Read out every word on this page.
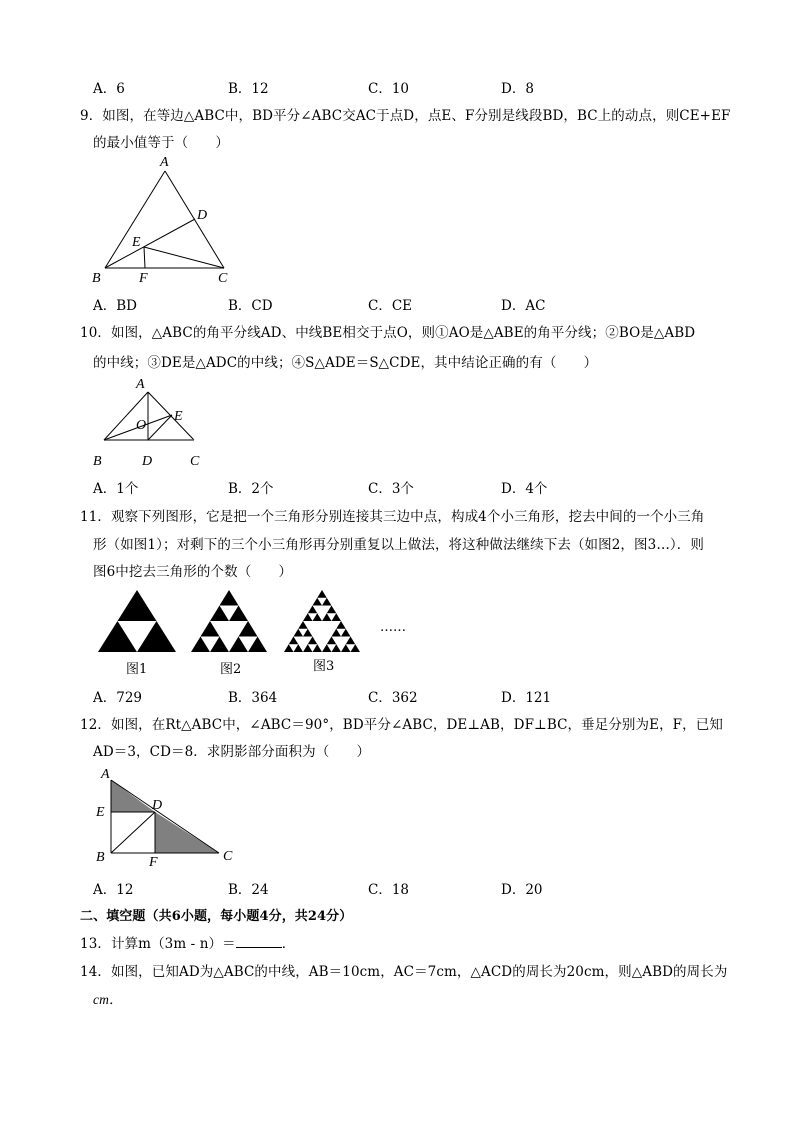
A．6	B．12	C．10	D．8
9．如图，在等边△ABC中，BD平分∠ABC交AC于点D，点E、F分别是线段BD，BC上的动点，则CE+EF
的最小值等于（　　）
A
D
E
B	F	C
A．BD	B．CD	C．CE	D．AC
10．如图，△ABC的角平分线AD、中线BE相交于点O，则①AO是△ABE的角平分线；②BO是△ABD
的中线；③DE是△ADC的中线；④S△ADE＝S△CDE，其中结论正确的有（　　）
A
O
E
B	D	C
A．1个	B．2个	C．3个	D．4个
11．观察下列图形，它是把一个三角形分别连接其三边中点，构成4个小三角形，挖去中间的一个小三角
形（如图1）；对剩下的三个小三角形再分别重复以上做法，将这种做法继续下去（如图2，图3…）．则
图6中挖去三角形的个数（　　）
图1	图2	图3
……
A．729	B．364	C．362	D．121
12．如图，在Rt△ABC中，∠ABC＝90°，BD平分∠ABC，DE⊥AB，DF⊥BC，垂足分别为E，F，已知
AD＝3，CD＝8．求阴影部分面积为（　　）
A
D
E
B	F	C
A．12	B．24	C．18	D．20
二、填空题（共6小题，每小题4分，共24分）
13．计算m（3m - n）＝	．
14．如图，已知AD为△ABC的中线，AB＝10cm，AC＝7cm，△ACD的周长为20cm，则△ABD的周长为
cm．
